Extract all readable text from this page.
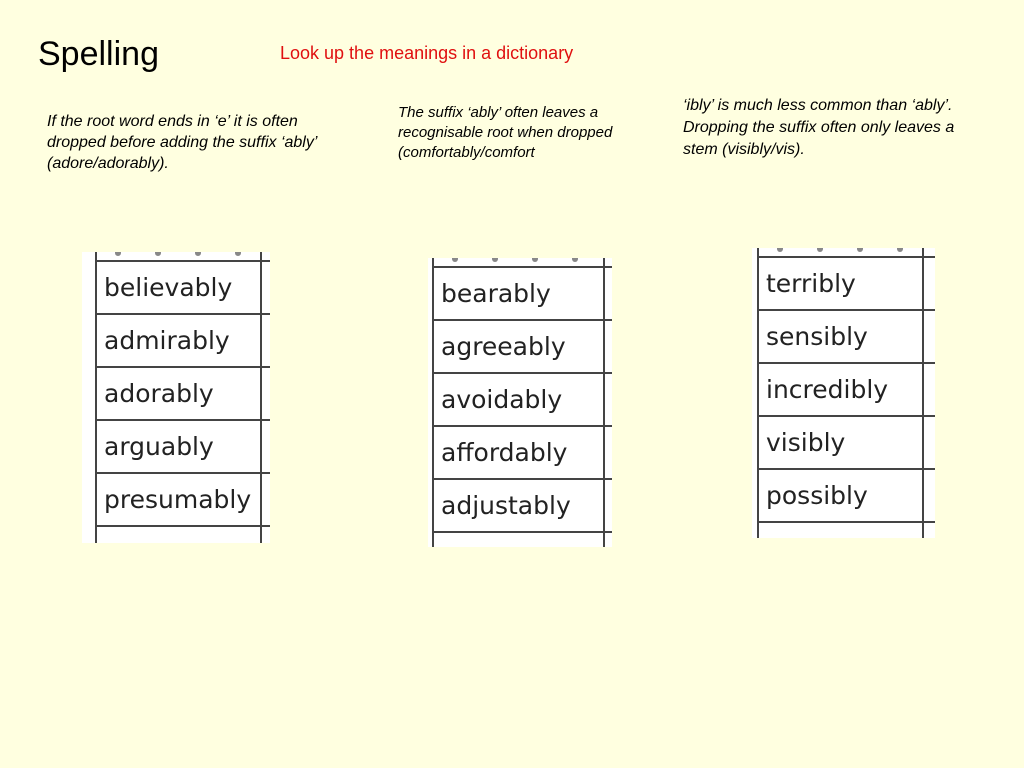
Spelling	Look up the meanings in a dictionary

If the root word ends in ‘e’ it is often dropped before adding the suffix ‘ably’ (adore/adorably).

The suffix ‘ably’ often leaves a recognisable root when dropped (comfortably/comfort

‘ibly’ is much less common than ‘ably’. Dropping the suffix often only leaves a stem (visibly/vis).

believably
admirably
adorably
arguably
presumably
bearably
agreeably
avoidably
affordably
adjustably
terribly
sensibly
incredibly
visibly
possibly
